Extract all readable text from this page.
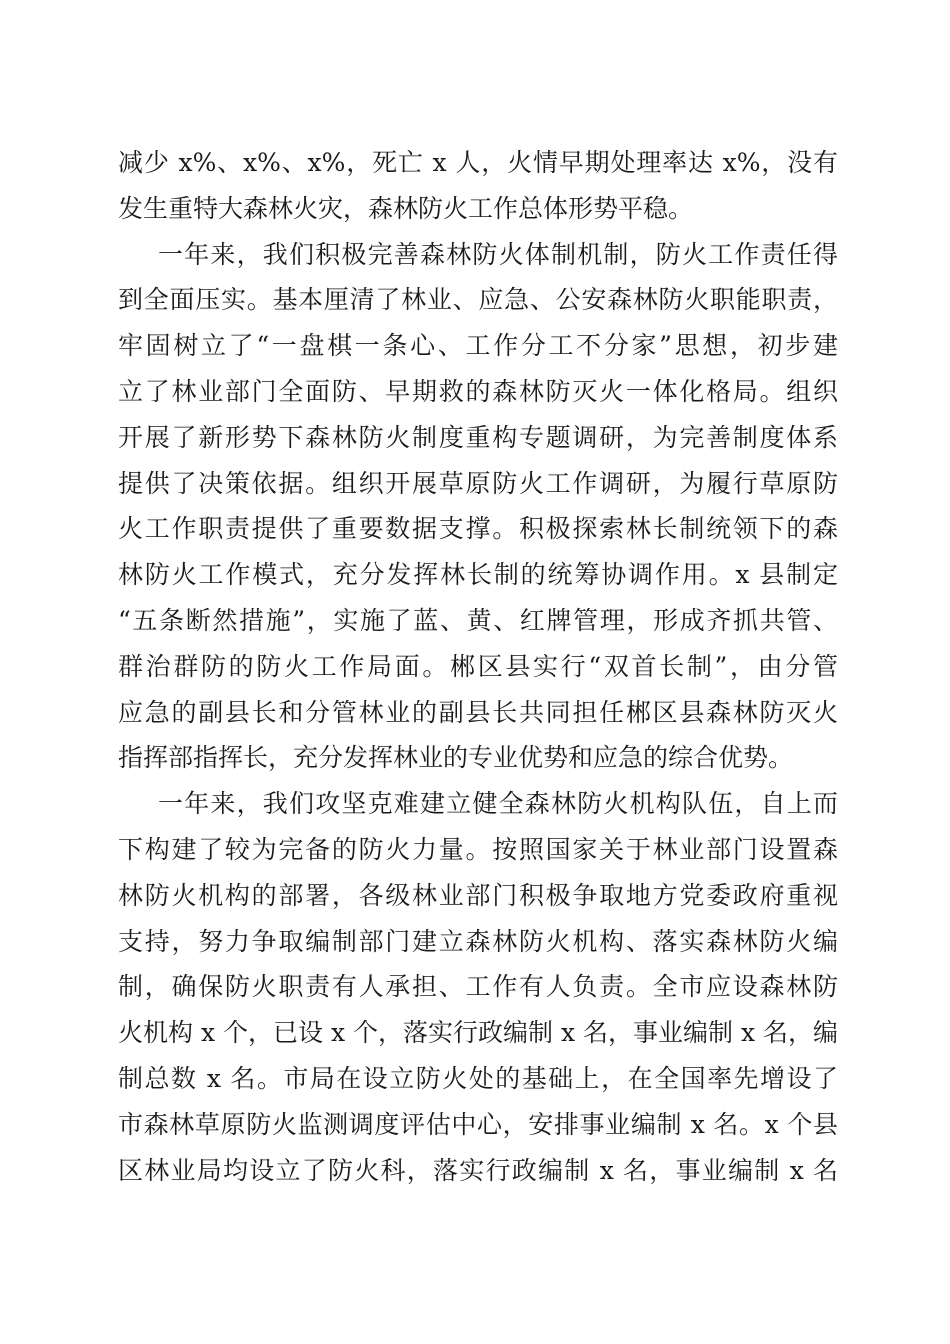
减少 x%、x%、x%，死亡 x 人，火情早期处理率达 x%，没有
发生重特大森林火灾，森林防火工作总体形势平稳。
一年来，我们积极完善森林防火体制机制，防火工作责任得
到全面压实。基本厘清了林业、应急、公安森林防火职能职责，
牢固树立了“一盘棋一条心、工作分工不分家”思想，初步建
立了林业部门全面防、早期救的森林防灭火一体化格局。组织
开展了新形势下森林防火制度重构专题调研，为完善制度体系
提供了决策依据。组织开展草原防火工作调研，为履行草原防
火工作职责提供了重要数据支撑。积极探索林长制统领下的森
林防火工作模式，充分发挥林长制的统筹协调作用。x 县制定
“五条断然措施”，实施了蓝、黄、红牌管理，形成齐抓共管、
群治群防的防火工作局面。郴区县实行“双首长制”，由分管
应急的副县长和分管林业的副县长共同担任郴区县森林防灭火
指挥部指挥长，充分发挥林业的专业优势和应急的综合优势。
一年来，我们攻坚克难建立健全森林防火机构队伍，自上而
下构建了较为完备的防火力量。按照国家关于林业部门设置森
林防火机构的部署，各级林业部门积极争取地方党委政府重视
支持，努力争取编制部门建立森林防火机构、落实森林防火编
制，确保防火职责有人承担、工作有人负责。全市应设森林防
火机构 x 个，已设 x 个，落实行政编制 x 名，事业编制 x 名，编
制总数 x 名。市局在设立防火处的基础上，在全国率先增设了
市森林草原防火监测调度评估中心，安排事业编制 x 名。x 个县
区林业局均设立了防火科，落实行政编制 x 名，事业编制 x 名
